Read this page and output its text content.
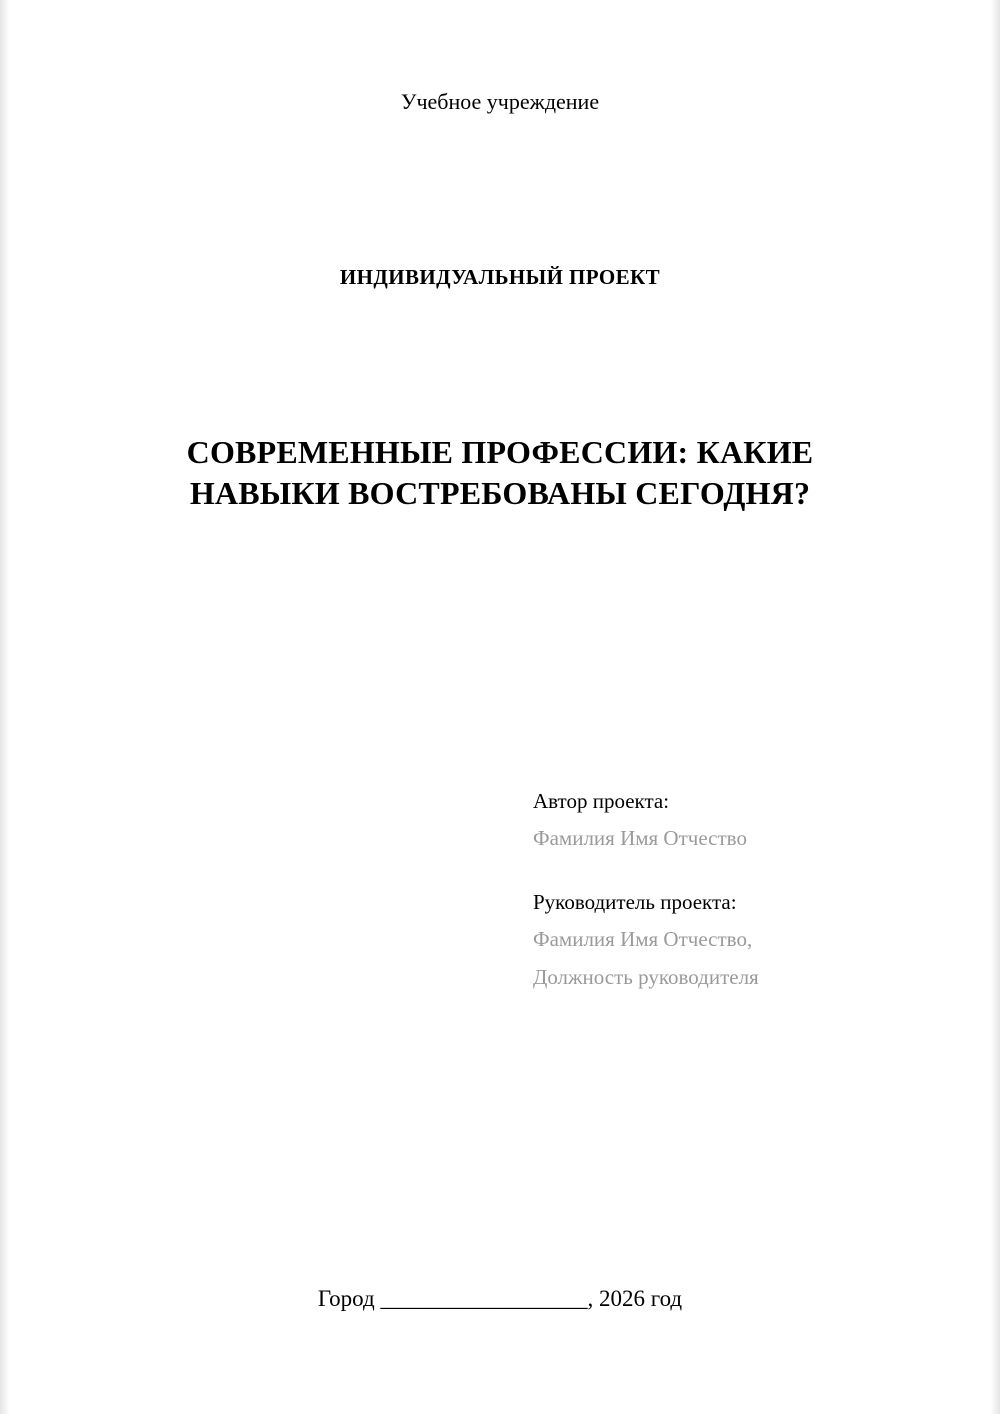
Учебное учреждение
ИНДИВИДУАЛЬНЫЙ ПРОЕКТ
СОВРЕМЕННЫЕ ПРОФЕССИИ: КАКИЕ НАВЫКИ ВОСТРЕБОВАНЫ СЕГОДНЯ?
Автор проекта:
Фамилия Имя Отчество
Руководитель проекта:
Фамилия Имя Отчество,
Должность руководителя
Город __________________, 2026 год
